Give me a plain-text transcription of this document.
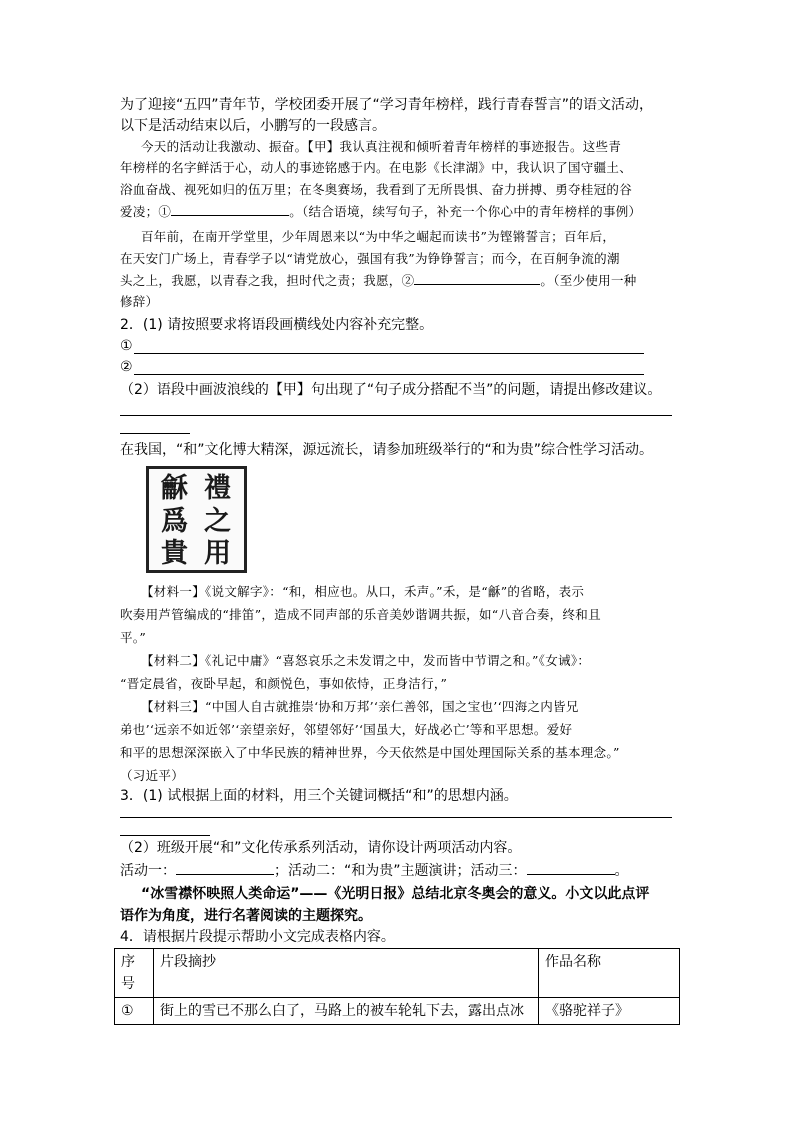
为了迎接“五四”青年节，学校团委开展了“学习青年榜样，践行青春誓言”的语文活动，
以下是活动结束以后，小鹏写的一段感言。
今天的活动让我激动、振奋。【甲】我认真注视和倾听着青年榜样的事迹报告。这些青
年榜样的名字鲜活于心，动人的事迹铭感于内。在电影《长津湖》中，我认识了国守疆土、
浴血奋战、视死如归的伍万里；在冬奥赛场，我看到了无所畏惧、奋力拼搏、勇夺桂冠的谷
爱凌；①	。（结合语境，续写句子，补充一个你心中的青年榜样的事例）
百年前，在南开学堂里，少年周恩来以“为中华之崛起而读书”为铿锵誓言；百年后，
在天安门广场上，青春学子以“请党放心，强国有我”为铮铮誓言；而今，在百舸争流的潮
头之上，我愿，以青春之我，担时代之责；我愿，②	。（至少使用一种
修辞）
2．(1) 请按照要求将语段画横线处内容补充完整。
①
②
（2）语段中画波浪线的【甲】句出现了“句子成分搭配不当”的问题，请提出修改建议。
在我国，“和”文化博大精深，源远流长，请参加班级举行的“和为贵”综合性学习活动。
禮
之
用
龢
爲
貴
【材料一】《说文解字》：“和，相应也。从口，禾声。”禾，是“龢”的省略，表示
吹奏用芦管编成的“排笛”，造成不同声部的乐音美妙谐调共振，如“八音合奏，终和且
平。”
【材料二】《礼记中庸》“喜怒哀乐之未发谓之中，发而皆中节谓之和。”《女诫》：
“晋定晨省，夜卧早起，和颜悦色，事如依恃，正身洁行，”
【材料三】“中国人自古就推崇‘协和万邦’‘亲仁善邻，国之宝也’‘四海之内皆兄
弟也’‘远亲不如近邻’‘亲望亲好，邻望邻好’‘国虽大，好战必亡’等和平思想。爱好
和平的思想深深嵌入了中华民族的精神世界，今天依然是中国处理国际关系的基本理念。”
（习近平）
3．(1) 试根据上面的材料，用三个关键词概括“和”的思想内涵。
（2）班级开展“和”文化传承系列活动，请你设计两项活动内容。
活动一：	；活动二：“和为贵”主题演讲；活动三：	。
“冰雪襟怀映照人类命运”——《光明日报》总结北京冬奥会的意义。小文以此点评
语作为角度，进行名著阅读的主题探究。
4．请根据片段提示帮助小文完成表格内容。
序号	片段摘抄	作品名称
①	街上的雪已不那么白了，马路上的被车轮轧下去，露出点冰	《骆驼祥子》
